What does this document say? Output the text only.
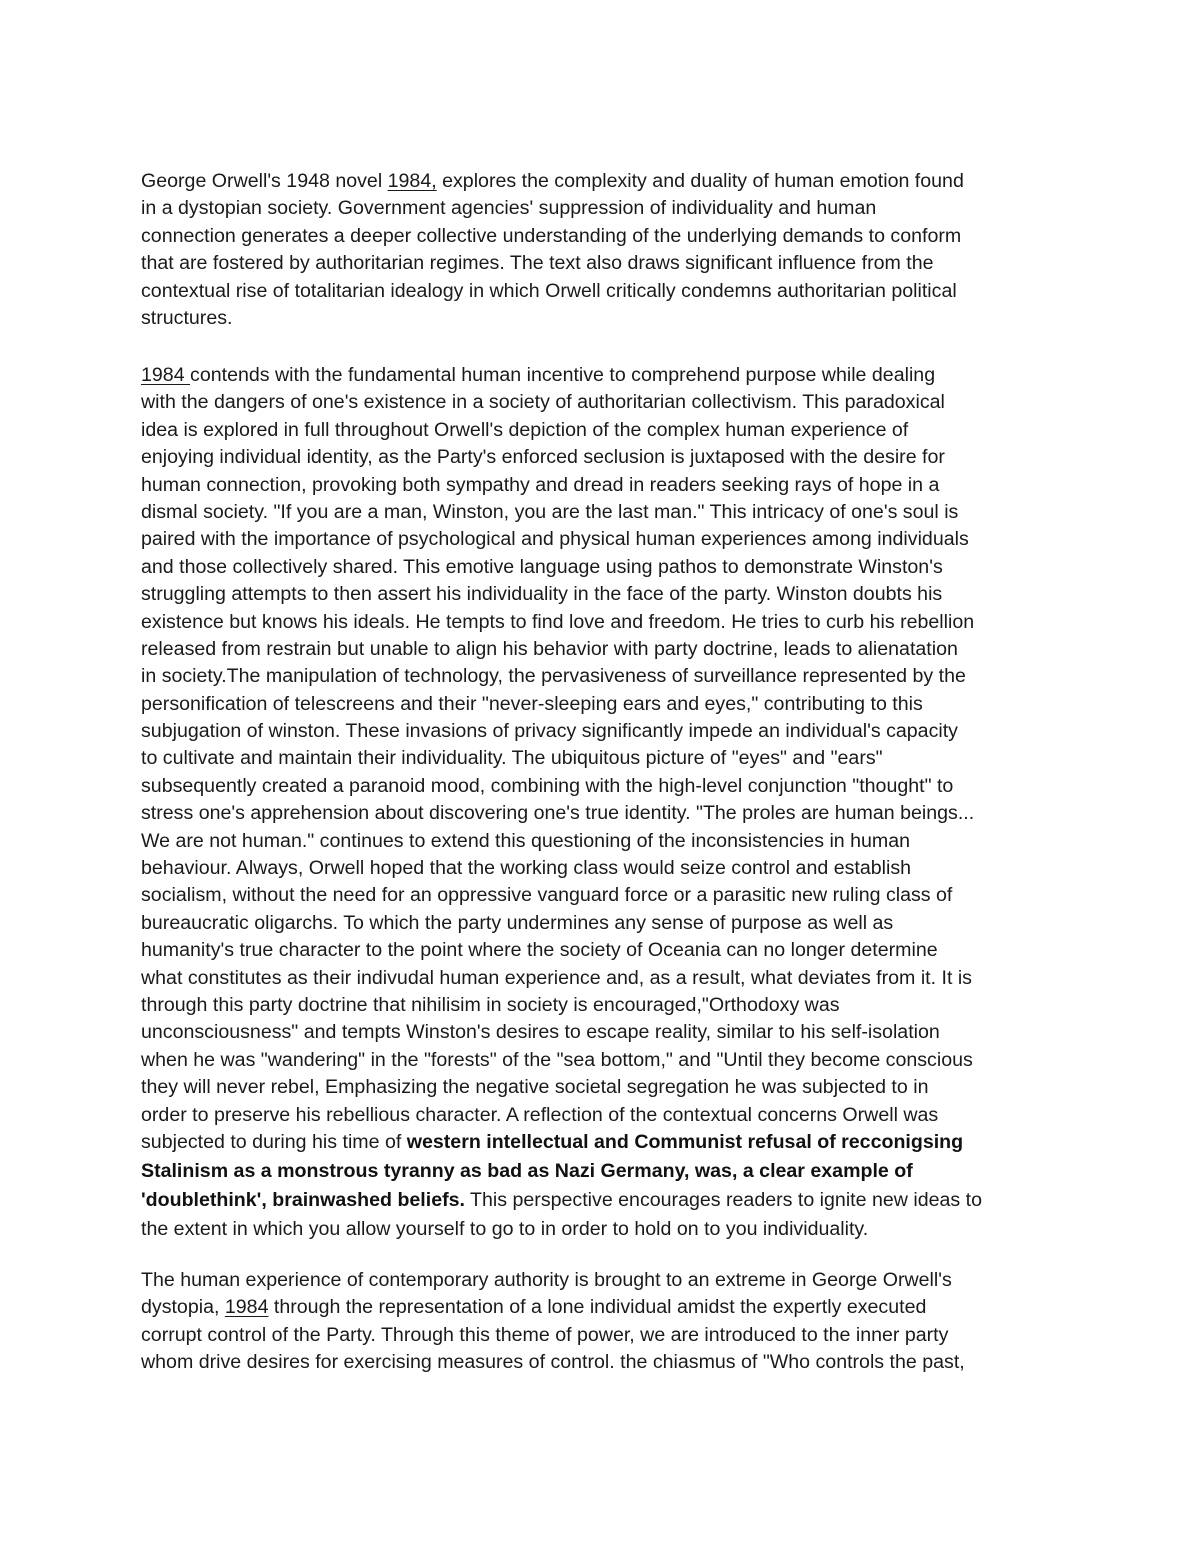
George Orwell's 1948 novel 1984, explores the complexity and duality of human emotion found
in a dystopian society. Government agencies' suppression of individuality and human
connection generates a deeper collective understanding of the underlying demands to conform
that are fostered by authoritarian regimes. The text also draws significant influence from the
contextual rise of totalitarian idealogy in which Orwell critically condemns authoritarian political
structures.
1984 contends with the fundamental human incentive to comprehend purpose while dealing
with the dangers of one's existence in a society of authoritarian collectivism. This paradoxical
idea is explored in full throughout Orwell's depiction of the complex human experience of
enjoying individual identity, as the Party's enforced seclusion is juxtaposed with the desire for
human connection, provoking both sympathy and dread in readers seeking rays of hope in a
dismal society. "If you are a man, Winston, you are the last man." This intricacy of one's soul is
paired with the importance of psychological and physical human experiences among individuals
and those collectively shared. This emotive language using pathos to demonstrate Winston's
struggling attempts to then assert his individuality in the face of the party. Winston doubts his
existence but knows his ideals. He tempts to find love and freedom. He tries to curb his rebellion
released from restrain but unable to align his behavior with party doctrine, leads to alienatation
in society.The manipulation of technology, the pervasiveness of surveillance represented by the
personification of telescreens and their "never-sleeping ears and eyes," contributing to this
subjugation of winston. These invasions of privacy significantly impede an individual's capacity
to cultivate and maintain their individuality. The ubiquitous picture of "eyes" and "ears"
subsequently created a paranoid mood, combining with the high-level conjunction "thought" to
stress one's apprehension about discovering one's true identity. "The proles are human beings...
We are not human." continues to extend this questioning of the inconsistencies in human
behaviour. Always, Orwell hoped that the working class would seize control and establish
socialism, without the need for an oppressive vanguard force or a parasitic new ruling class of
bureaucratic oligarchs. To which the party undermines any sense of purpose as well as
humanity's true character to the point where the society of Oceania can no longer determine
what constitutes as their indivudal human experience and, as a result, what deviates from it. It is
through this party doctrine that nihilisim in society is encouraged,"Orthodoxy was
unconsciousness" and tempts Winston's desires to escape reality, similar to his self-isolation
when he was "wandering" in the "forests" of the "sea bottom," and "Until they become conscious
they will never rebel, Emphasizing the negative societal segregation he was subjected to in
order to preserve his rebellious character. A reflection of the contextual concerns Orwell was
subjected to during his time of western intellectual and Communist refusal of recconigsing
Stalinism as a monstrous tyranny as bad as Nazi Germany, was, a clear example of
'doublethink', brainwashed beliefs. This perspective encourages readers to ignite new ideas to
the extent in which you allow yourself to go to in order to hold on to you individuality.
The human experience of contemporary authority is brought to an extreme in George Orwell's
dystopia, 1984 through the representation of a lone individual amidst the expertly executed
corrupt control of the Party. Through this theme of power, we are introduced to the inner party
whom drive desires for exercising measures of control. the chiasmus of "Who controls the past,
